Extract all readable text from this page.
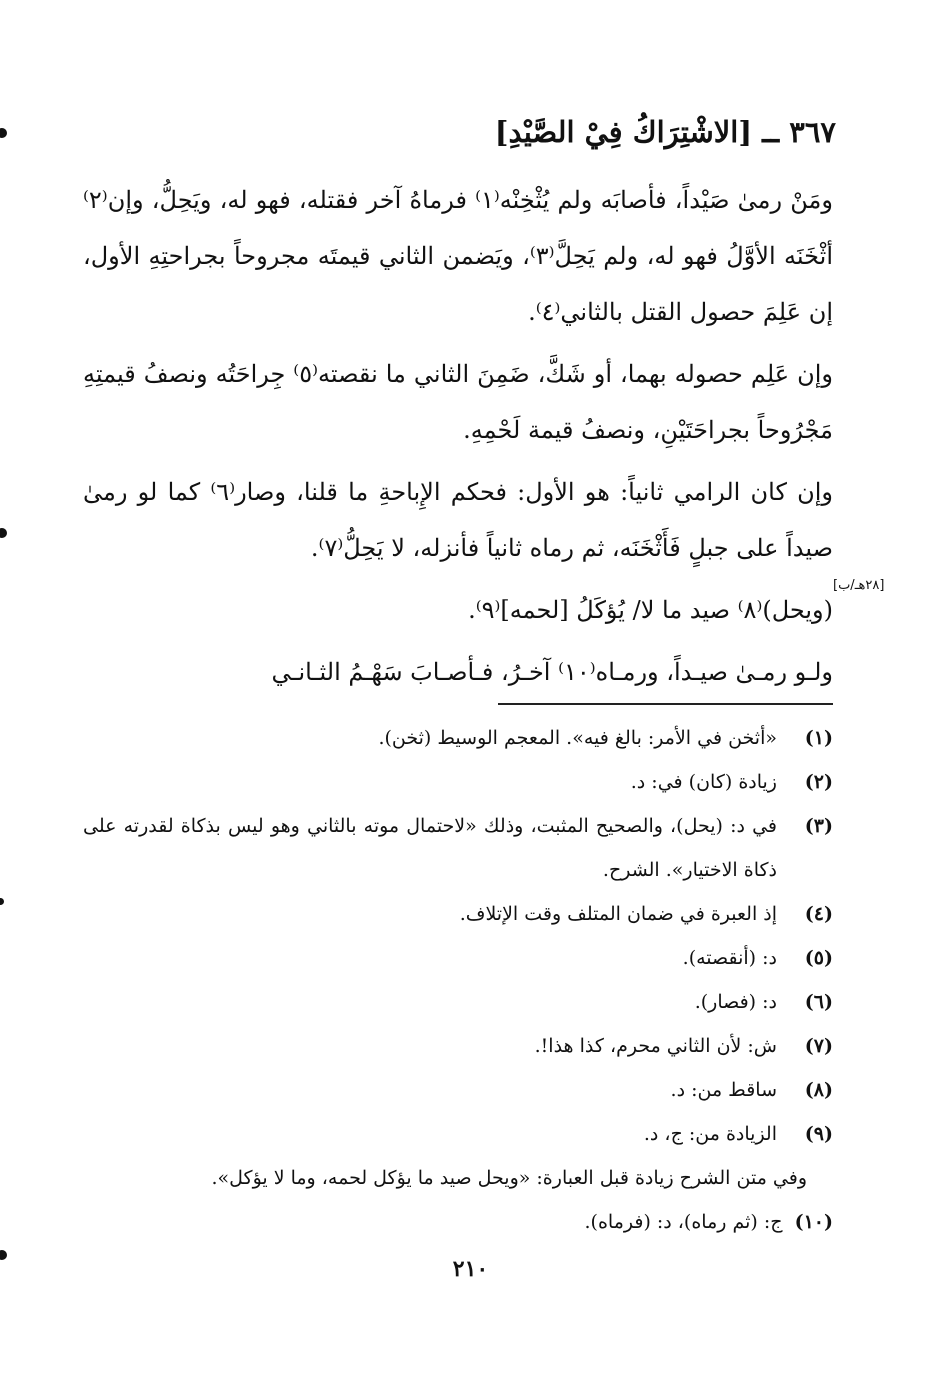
٣٦٧ ــ [الاشْتِرَاكُ فِيْ الصَّيْدِ]

ومَنْ رمىٰ صَيْداً، فأصابَه ولم يُثْخِنْه⁽١⁾ فرماهُ آخر فقتله، فهو له، ويَحِلُّ، وإن⁽٢⁾ أثْخَنَه الأوَّلُ فهو له، ولم يَحِلَّ⁽٣⁾، ويَضمن الثاني قيمتَه مجروحاً بجراحتِهِ الأول، إن عَلِمَ حصول القتل بالثاني⁽٤⁾.

وإن عَلِم حصوله بهما، أو شَكَّ، ضَمِنَ الثاني ما نقصته⁽٥⁾ جِراحَتُه ونصفُ قيمتِهِ مَجْرُوحاً بجراحَتَيْنِ، ونصفُ قيمة لَحْمِهِ.

وإن كان الرامي ثانياً: هو الأول: فحكم الإِباحةِ ما قلنا، وصار⁽٦⁾ كما لو رمىٰ صيداً على جبلٍ فَأَثْخَنَه، ثم رماه ثانياً فأنزله، لا يَحِلُّ⁽٧⁾.

(ويحل)⁽٨⁾ صيد ما لا/ يُؤكَلُ [لحمه]⁽٩⁾.

ولـو رمـىٰ صيـداً، ورمـاه⁽١٠⁾ آخـرُ، فـأصـابَ سَهْـمُ الثـانـي

[٢٨هـ/ب]
(١)
«أثخن في الأمر: بالغ فيه». المعجم الوسيط (ثخن).
(٢)
زيادة (كان) في: د.
(٣)
في د: (يحل)، والصحيح المثبت، وذلك «لاحتمال موته بالثاني وهو ليس بذكاة لقدرته على ذكاة الاختيار». الشرح.
(٤)
إذ العبرة في ضمان المتلف وقت الإتلاف.
(٥)
د: (أنقصته).
(٦)
د: (فصار).
(٧)
ش: لأن الثاني محرم، كذا هذا!.
(٨)
ساقط من: د.
(٩)
الزيادة من: ج، د.
وفي متن الشرح زيادة قبل العبارة: «ويحل صيد ما يؤكل لحمه، وما لا يؤكل».
(١٠) ج: (ثم رماه)، د: (فرماه).
٢١٠
